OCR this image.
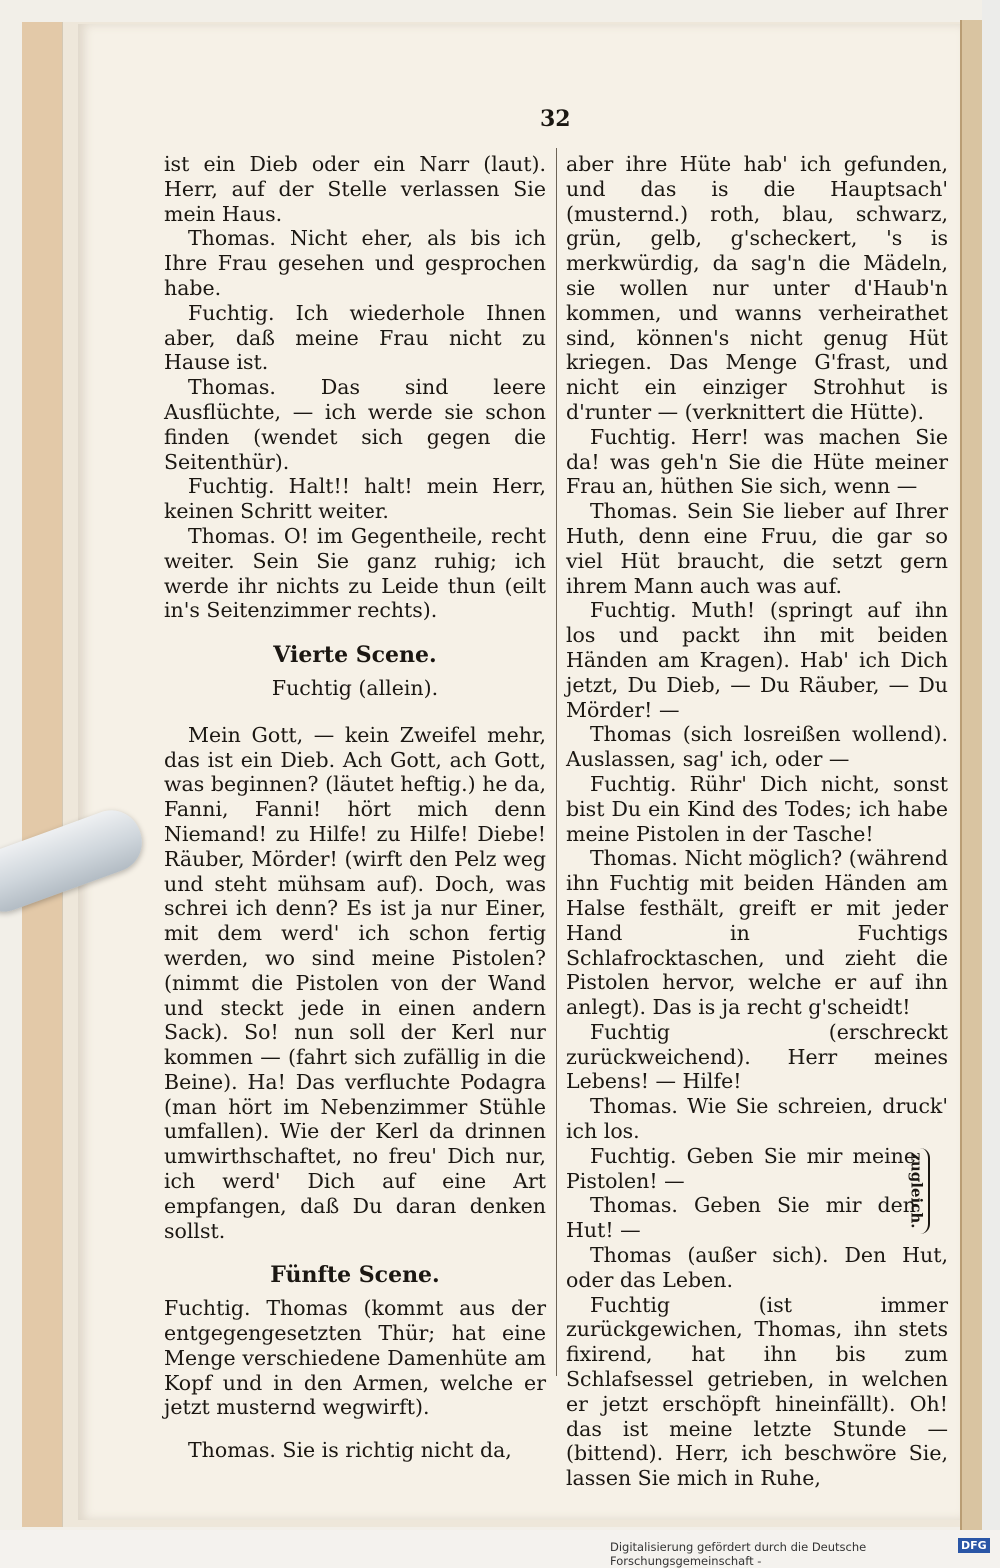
32

ist ein Dieb oder ein Narr (laut). Herr, auf der Stelle verlassen Sie mein Haus.

Thomas. Nicht eher, als bis ich Ihre Frau gesehen und gesprochen habe.

Fuchtig. Ich wiederhole Ihnen aber, daß meine Frau nicht zu Hause ist.

Thomas. Das sind leere Ausflüchte, — ich werde sie schon finden (wendet sich gegen die Seitenthür).

Fuchtig. Halt!! halt! mein Herr, keinen Schritt weiter.

Thomas. O! im Gegentheile, recht weiter. Sein Sie ganz ruhig; ich werde ihr nichts zu Leide thun (eilt in's Seitenzimmer rechts).

Vierte Scene.

Fuchtig (allein).

Mein Gott, — kein Zweifel mehr, das ist ein Dieb. Ach Gott, ach Gott, was beginnen? (läutet heftig.) he da, Fanni, Fanni! hört mich denn Niemand! zu Hilfe! zu Hilfe! Diebe! Räuber, Mörder! (wirft den Pelz weg und steht mühsam auf). Doch, was schrei ich denn? Es ist ja nur Einer, mit dem werd' ich schon fertig werden, wo sind meine Pistolen? (nimmt die Pistolen von der Wand und steckt jede in einen andern Sack). So! nun soll der Kerl nur kommen — (fahrt sich zufällig in die Beine). Ha! Das verfluchte Podagra (man hört im Nebenzimmer Stühle umfallen). Wie der Kerl da drinnen umwirthschaftet, no freu' Dich nur, ich werd' Dich auf eine Art empfangen, daß Du daran denken sollst.

Fünfte Scene.

Fuchtig. Thomas (kommt aus der entgegengesetzten Thür; hat eine Menge verschiedene Damenhüte am Kopf und in den Armen, welche er jetzt musternd wegwirft).

Thomas. Sie is richtig nicht da,

aber ihre Hüte hab' ich gefunden, und das is die Hauptsach' (musternd.) roth, blau, schwarz, grün, gelb, g'scheckert, 's is merkwürdig, da sag'n die Mädeln, sie wollen nur unter d'Haub'n kommen, und wanns verheirathet sind, können's nicht genug Hüt kriegen. Das Menge G'frast, und nicht ein einziger Strohhut is d'runter — (verknittert die Hütte).

Fuchtig. Herr! was machen Sie da! was geh'n Sie die Hüte meiner Frau an, hüthen Sie sich, wenn —

Thomas. Sein Sie lieber auf Ihrer Huth, denn eine Fruu, die gar so viel Hüt braucht, die setzt gern ihrem Mann auch was auf.

Fuchtig. Muth! (springt auf ihn los und packt ihn mit beiden Händen am Kragen). Hab' ich Dich jetzt, Du Dieb, — Du Räuber, — Du Mörder! —

Thomas (sich losreißen wollend). Auslassen, sag' ich, oder —

Fuchtig. Rühr' Dich nicht, sonst bist Du ein Kind des Todes; ich habe meine Pistolen in der Tasche!

Thomas. Nicht möglich? (während ihn Fuchtig mit beiden Händen am Halse festhält, greift er mit jeder Hand in Fuchtigs Schlafrocktaschen, und zieht die Pistolen hervor, welche er auf ihn anlegt). Das is ja recht g'scheidt!

Fuchtig (erschreckt zurückweichend). Herr meines Lebens! — Hilfe!

Thomas. Wie Sie schreien, druck' ich los.

Fuchtig. Geben Sie mir meine Pistolen! —

Thomas. Geben Sie mir den Hut! —

zugleich.

Thomas (außer sich). Den Hut, oder das Leben.

Fuchtig (ist immer zurückgewichen, Thomas, ihn stets fixirend, hat ihn bis zum Schlafsessel getrieben, in welchen er jetzt erschöpft hineinfällt). Oh! das ist meine letzte Stunde — (bittend). Herr, ich beschwöre Sie, lassen Sie mich in Ruhe,

Digitalisierung gefördert durch die Deutsche Forschungsgemeinschaft -
DFG
